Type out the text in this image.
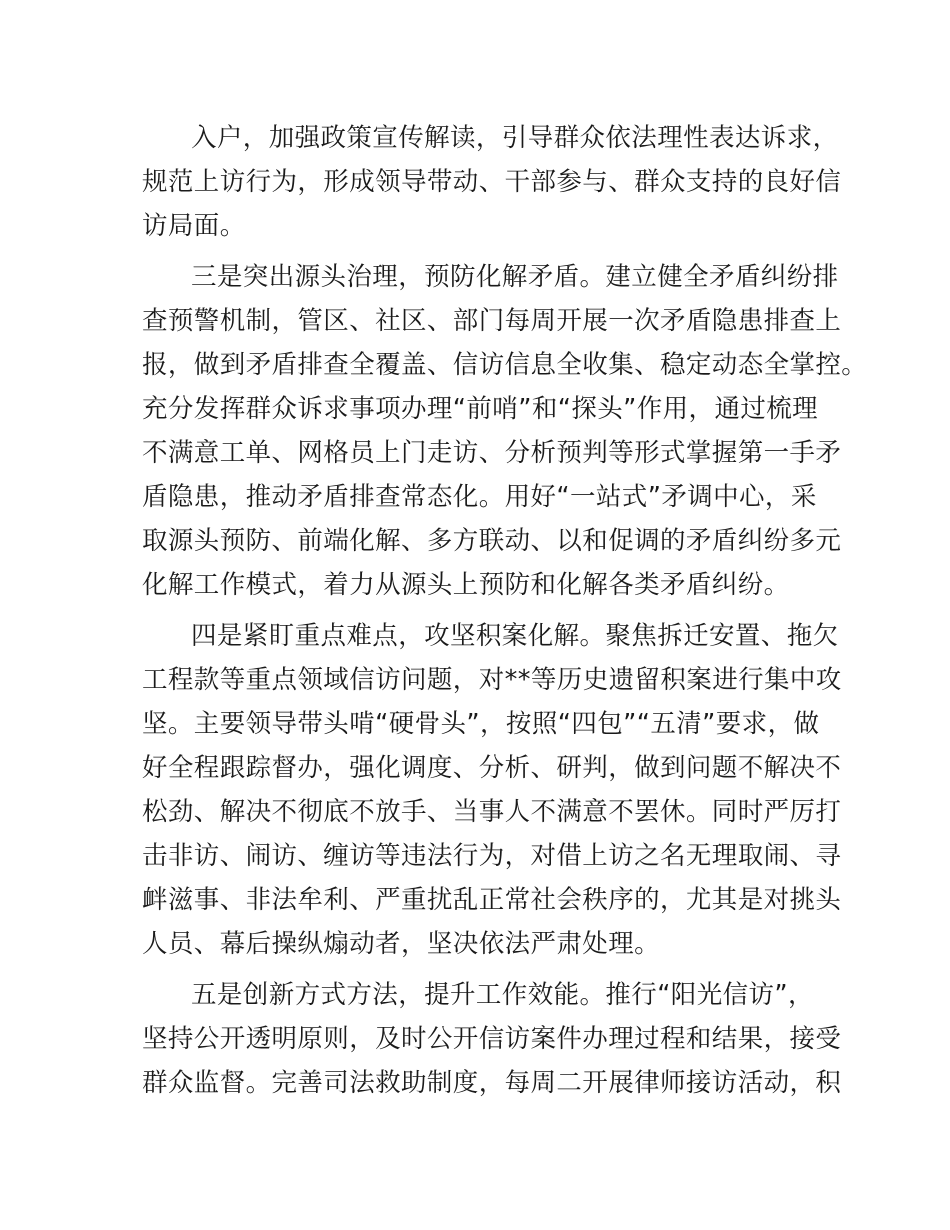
入户，加强政策宣传解读，引导群众依法理性表达诉求，
规范上访行为，形成领导带动、干部参与、群众支持的良好信
访局面。
三是突出源头治理，预防化解矛盾。建立健全矛盾纠纷排
查预警机制，管区、社区、部门每周开展一次矛盾隐患排查上
报，做到矛盾排查全覆盖、信访信息全收集、稳定动态全掌控。
充分发挥群众诉求事项办理“前哨”和“探头”作用，通过梳理
不满意工单、网格员上门走访、分析预判等形式掌握第一手矛
盾隐患，推动矛盾排查常态化。用好“一站式”矛调中心，采
取源头预防、前端化解、多方联动、以和促调的矛盾纠纷多元
化解工作模式，着力从源头上预防和化解各类矛盾纠纷。
四是紧盯重点难点，攻坚积案化解。聚焦拆迁安置、拖欠
工程款等重点领域信访问题，对**等历史遗留积案进行集中攻
坚。主要领导带头啃“硬骨头”，按照“四包”“五清”要求，做
好全程跟踪督办，强化调度、分析、研判，做到问题不解决不
松劲、解决不彻底不放手、当事人不满意不罢休。同时严厉打
击非访、闹访、缠访等违法行为，对借上访之名无理取闹、寻
衅滋事、非法牟利、严重扰乱正常社会秩序的，尤其是对挑头
人员、幕后操纵煽动者，坚决依法严肃处理。
五是创新方式方法，提升工作效能。推行“阳光信访”，
坚持公开透明原则，及时公开信访案件办理过程和结果，接受
群众监督。完善司法救助制度，每周二开展律师接访活动，积
